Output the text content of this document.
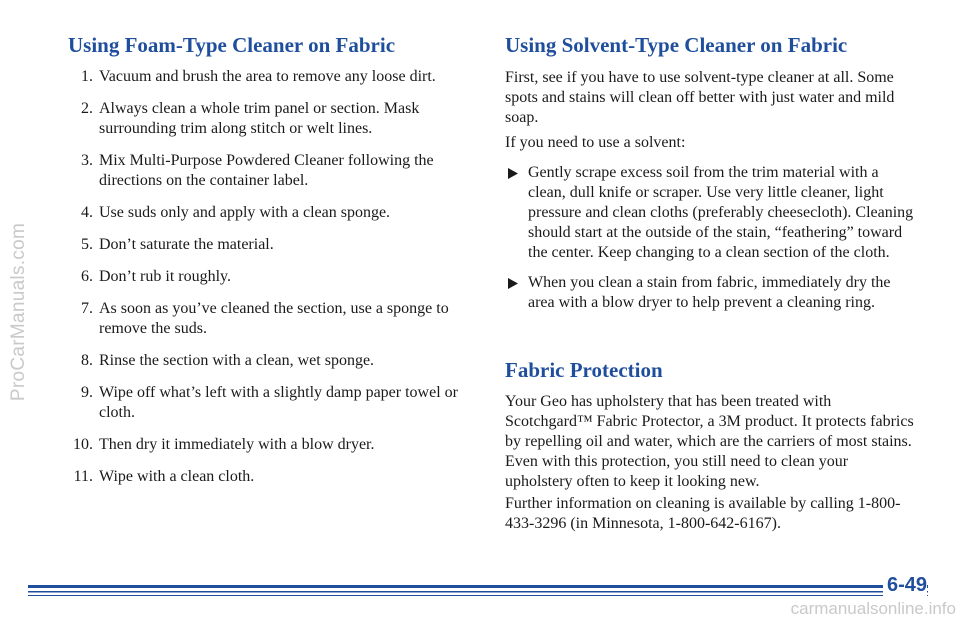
ProCarManuals.com
Using Foam-Type Cleaner on Fabric
1. Vacuum and brush the area to remove any loose dirt.
2. Always clean a whole trim panel or section. Mask surrounding trim along stitch or welt lines.
3. Mix Multi-Purpose Powdered Cleaner following the directions on the container label.
4. Use suds only and apply with a clean sponge.
5. Don’t saturate the material.
6. Don’t rub it roughly.
7. As soon as you’ve cleaned the section, use a sponge to remove the suds.
8. Rinse the section with a clean, wet sponge.
9. Wipe off what’s left with a slightly damp paper towel or cloth.
10. Then dry it immediately with a blow dryer.
11. Wipe with a clean cloth.
Using Solvent-Type Cleaner on Fabric

First, see if you have to use solvent-type cleaner at all. Some spots and stains will clean off better with just water and mild soap.

If you need to use a solvent:

Gently scrape excess soil from the trim material with a clean, dull knife or scraper. Use very little cleaner, light pressure and clean cloths (preferably cheesecloth). Cleaning should start at the outside of the stain, “feathering” toward the center. Keep changing to a clean section of the cloth.
When you clean a stain from fabric, immediately dry the area with a blow dryer to help prevent a cleaning ring.
Fabric Protection

Your Geo has upholstery that has been treated with Scotchgard™ Fabric Protector, a 3M product. It protects fabrics by repelling oil and water, which are the carriers of most stains. Even with this protection, you still need to clean your upholstery often to keep it looking new.

Further information on cleaning is available by calling 1-800-433-3296 (in Minnesota, 1-800-642-6167).

6-49
carmanualsonline.info
